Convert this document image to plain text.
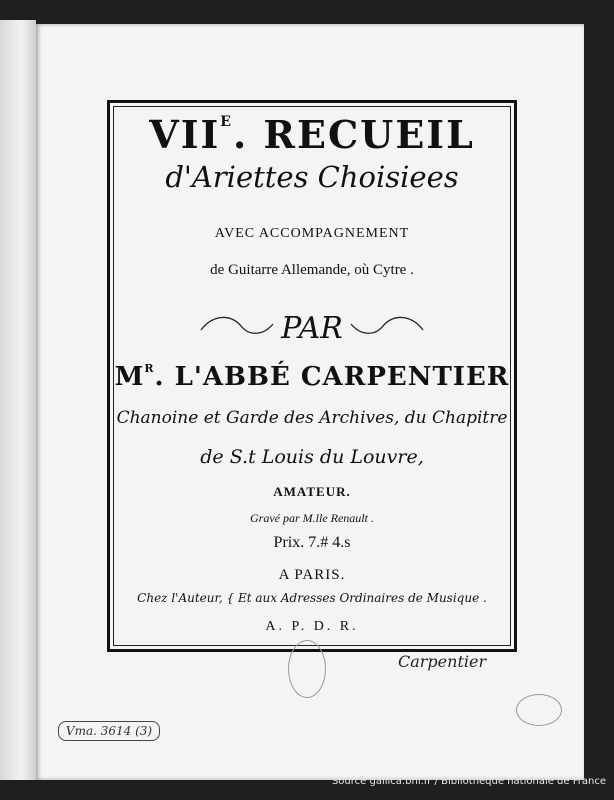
$VII^E$. RECUEIL
d'Ariettes Choisiees
AVEC ACCOMPAGNEMENT
de Guitarre Allemande, où Cytre .
PAR
$M^R$. L'ABBÉ CARPENTIER
Chanoine et Garde des Archives, du Chapitre
de S.t Louis du Louvre,
AMATEUR.
Gravé par M.lle Renault .
Prix. 7.# 4.s
A PARIS.
Chez l'Auteur, { Et aux Adresses Ordinaires de Musique .
A. P. D. R.
Carpentier
Vma. 3614 (3)
Source gallica.bnf.fr / Bibliothèque nationale de France
